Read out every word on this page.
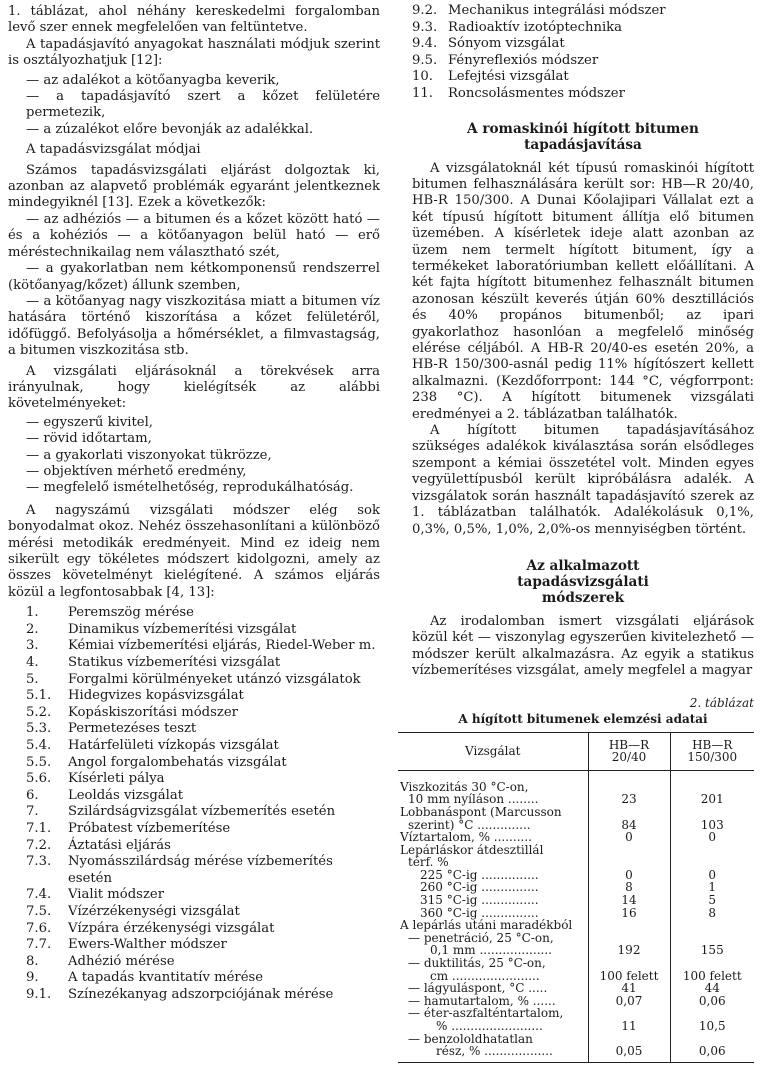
1. táblázat, ahol néhány kereskedelmi forgalomban levő szer ennek megfelelően van feltüntetve.

A tapadásjavító anyagokat használati módjuk szerint is osztályozhatjuk [12]:

— az adalékot a kötőanyagba keverik,

— a tapadásjavító szert a kőzet felületére permetezik,

— a zúzalékot előre bevonják az adalékkal.

A tapadásvizsgálat módjai

Számos tapadásvizsgálati eljárást dolgoztak ki, azonban az alapvető problémák egyaránt jelentkeznek mindegyiknél [13]. Ezek a következők:

— az adhéziós — a bitumen és a kőzet között ható — és a kohéziós — a kötőanyagon belül ható — erő méréstechnikailag nem választható szét,

— a gyakorlatban nem kétkomponensű rendszerrel (kötőanyag/kőzet) állunk szemben,

— a kötőanyag nagy viszkozitása miatt a bitumen víz hatására történő kiszorítása a kőzet felületéről, időfüggő. Befolyásolja a hőmérséklet, a filmvastagság, a bitumen viszkozitása stb.

A vizsgálati eljárásoknál a törekvések arra irányulnak, hogy kielégítsék az alábbi követelményeket:

— egyszerű kivitel,

— rövid időtartam,

— a gyakorlati viszonyokat tükrözze,

— objektíven mérhető eredmény,

— megfelelő ismételhetőség, reprodukálhatóság.

A nagyszámú vizsgálati módszer elég sok bonyodalmat okoz. Nehéz összehasonlítani a különböző mérési metodikák eredményeit. Mind ez ideig nem sikerült egy tökéletes módszert kidolgozni, amely az összes követelményt kielégítené. A számos eljárás közül a legfontosabbak [4, 13]:

1.	Peremszög mérése
2.	Dinamikus vízbemerítési vizsgálat
3.	Kémiai vízbemerítési eljárás, Riedel-Weber m.
4.	Statikus vízbemerítési vizsgálat
5.	Forgalmi körülményeket utánzó vizsgálatok
5.1.	Hidegvizes kopásvizsgálat
5.2.	Kopáskiszorítási módszer
5.3.	Permetezéses teszt
5.4.	Határfelületi vízkopás vizsgálat
5.5.	Angol forgalombehatás vizsgálat
5.6.	Kísérleti pálya
6.	Leoldás vizsgálat
7.	Szilárdságvizsgálat vízbemerítés esetén
7.1.	Próbatest vízbemerítése
7.2.	Áztatási eljárás
7.3.	Nyomásszilárdság mérése vízbemerítés esetén
7.4.	Vialit módszer
7.5.	Vízérzékenységi vizsgálat
7.6.	Vízpára érzékenységi vizsgálat
7.7.	Ewers-Walther módszer
8.	Adhézió mérése
9.	A tapadás kvantitatív mérése
9.1.	Színezékanyag adszorpciójának mérése
9.2. Mechanikus integrálási módszer
9.3. Radioaktív izotóptechnika
9.4. Sónyom vizsgálat
9.5. Fényreflexiós módszer
10.	Lefejtési vizsgálat
11.	Roncsolásmentes módszer
A romaskinói hígított bitumen tapadásjavítása

A vizsgálatoknál két típusú romaskinói hígított bitumen felhasználására került sor: HB—R 20/40, HB-R 150/300. A Dunai Kőolajipari Vállalat ezt a két típusú hígított bitument állítja elő bitumen üzemében. A kísérletek ideje alatt azonban az üzem nem termelt hígított bitument, így a termékeket laboratóriumban kellett előállítani. A két fajta hígított bitumenhez felhasznált bitumen azonosan készült keverés útján 60% desztillációs és 40% propános bitumenből; az ipari gyakorlathoz hasonlóan a megfelelő minőség elérése céljából. A HB-R 20/40-es esetén 20%, a HB-R 150/300-asnál pedig 11% hígítószert kellett alkalmazni. (Kezdőforrpont: 144 °C, végforrpont: 238 °C). A hígított bitumenek vizsgálati eredményei a 2. táblázatban találhatók.

A hígított bitumen tapadásjavításához szükséges adalékok kiválasztása során elsődleges szempont a kémiai összetétel volt. Minden egyes vegyülettípusból került kipróbálásra adalék. A vizsgálatok során használt tapadásjavító szerek az 1. táblázatban találhatók. Adalékolásuk 0,1%, 0,3%, 0,5%, 1,0%, 2,0%-os mennyiségben történt.

Az alkalmazott tapadásvizsgálati módszerek

Az irodalomban ismert vizsgálati eljárások közül két — viszonylag egyszerűen kivitelezhető — módszer került alkalmazásra. Az egyik a statikus vízbemerítéses vizsgálat, amely megfelel a magyar

2. táblázat
A hígított bitumenek elemzési adatai
Vizsgálat	HB—R 20/40	HB—R 150/300
Viszkozitás 30 °C-on,		
10 mm nyíláson ........	23	201
Lobbanáspont (Marcusson		
szerint) °C ..............	84	103
Víztartalom, % ..........	0	0
Lepárláskor átdesztillál		
térf. %		
225 °C-ig ...............	0	0
260 °C-ig ...............	8	1
315 °C-ig ...............	14	5
360 °C-ig ...............	16	8
A lepárlás utáni maradékból		
— penetráció, 25 °C-on,		
0,1 mm ...................	192	155
— duktilitás, 25 °C-on,		
cm .......................	100 felett	100 felett
— lágyuláspont, °C .....	41	44
— hamutartalom, % ......	0,07	0,06
— éter-aszfalténtartalom,		
% ........................	11	10,5
— benzololdhatatlan		
rész, % ..................	0,05	0,06
